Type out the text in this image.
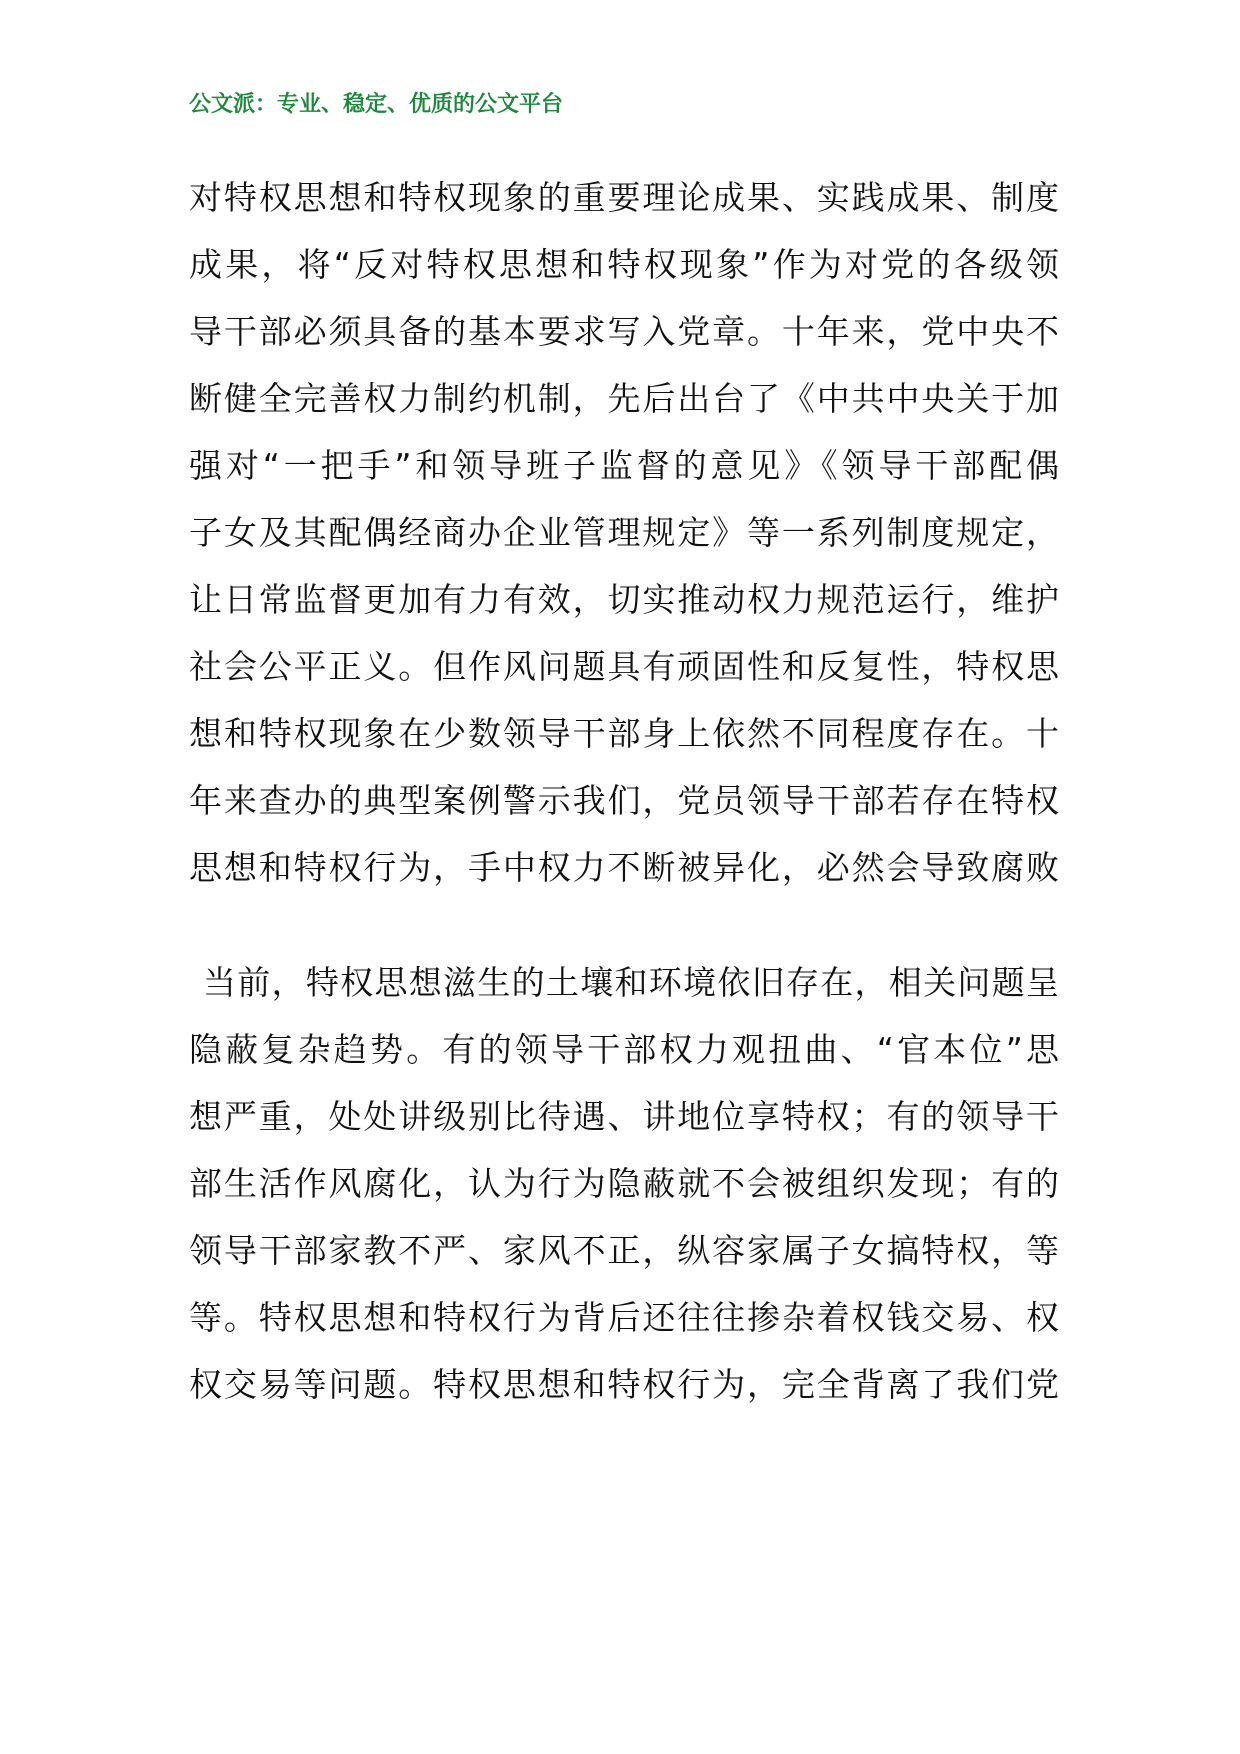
公文派：专业、稳定、优质的公文平台
对特权思想和特权现象的重要理论成果、实践成果、制度
成果，将“反对特权思想和特权现象”作为对党的各级领
导干部必须具备的基本要求写入党章。十年来，党中央不
断健全完善权力制约机制，先后出台了《中共中央关于加
强对“一把手”和领导班子监督的意见》《领导干部配偶
子女及其配偶经商办企业管理规定》等一系列制度规定，
让日常监督更加有力有效，切实推动权力规范运行，维护
社会公平正义。但作风问题具有顽固性和反复性，特权思
想和特权现象在少数领导干部身上依然不同程度存在。十
年来查办的典型案例警示我们，党员领导干部若存在特权
思想和特权行为，手中权力不断被异化，必然会导致腐败
当前，特权思想滋生的土壤和环境依旧存在，相关问题呈
隐蔽复杂趋势。有的领导干部权力观扭曲、“官本位”思
想严重，处处讲级别比待遇、讲地位享特权；有的领导干
部生活作风腐化，认为行为隐蔽就不会被组织发现；有的
领导干部家教不严、家风不正，纵容家属子女搞特权，等
等。特权思想和特权行为背后还往往掺杂着权钱交易、权
权交易等问题。特权思想和特权行为，完全背离了我们党
